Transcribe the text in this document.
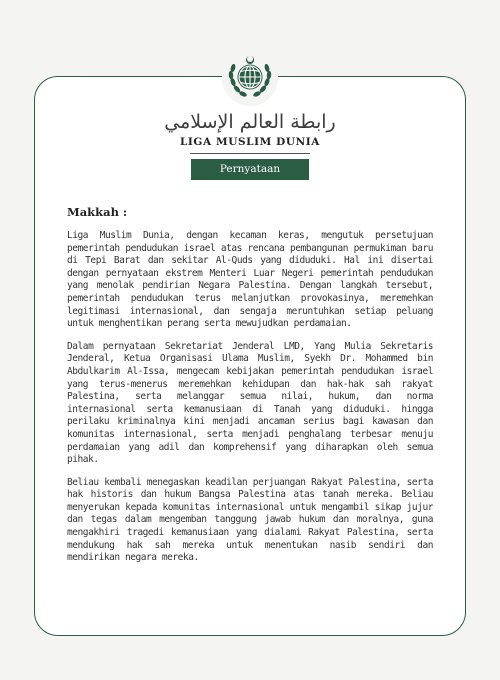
رابطة العالم الإسلامي
LIGA MUSLIM DUNIA
Pernyataan
Makkah :

Liga Muslim Dunia, dengan kecaman keras, mengutuk persetujuan pemerintah pendudukan israel atas rencana pembangunan permukiman baru di Tepi Barat dan sekitar Al-Quds yang diduduki. Hal ini disertai dengan pernyataan ekstrem Menteri Luar Negeri pemerintah pendudukan yang menolak pendirian Negara Palestina. Dengan langkah tersebut, pemerintah pendudukan terus melanjutkan provokasinya, meremehkan legitimasi internasional, dan sengaja meruntuhkan setiap peluang untuk menghentikan perang serta mewujudkan perdamaian.

Dalam pernyataan Sekretariat Jenderal LMD, Yang Mulia Sekretaris Jenderal, Ketua Organisasi Ulama Muslim, Syekh Dr. Mohammed bin Abdulkarim Al-Issa, mengecam kebijakan pemerintah pendudukan israel yang terus-menerus meremehkan kehidupan dan hak-hak sah rakyat Palestina, serta melanggar semua nilai, hukum, dan norma internasional serta kemanusiaan di Tanah yang diduduki. hingga perilaku kriminalnya kini menjadi ancaman serius bagi kawasan dan komunitas internasional, serta menjadi penghalang terbesar menuju perdamaian yang adil dan komprehensif yang diharapkan oleh semua pihak.

Beliau kembali menegaskan keadilan perjuangan Rakyat Palestina, serta hak historis dan hukum Bangsa Palestina atas tanah mereka. Beliau menyerukan kepada komunitas internasional untuk mengambil sikap jujur dan tegas dalam mengemban tanggung jawab hukum dan moralnya, guna mengakhiri tragedi kemanusiaan yang dialami Rakyat Palestina, serta mendukung hak sah mereka untuk menentukan nasib sendiri dan mendirikan negara mereka.
